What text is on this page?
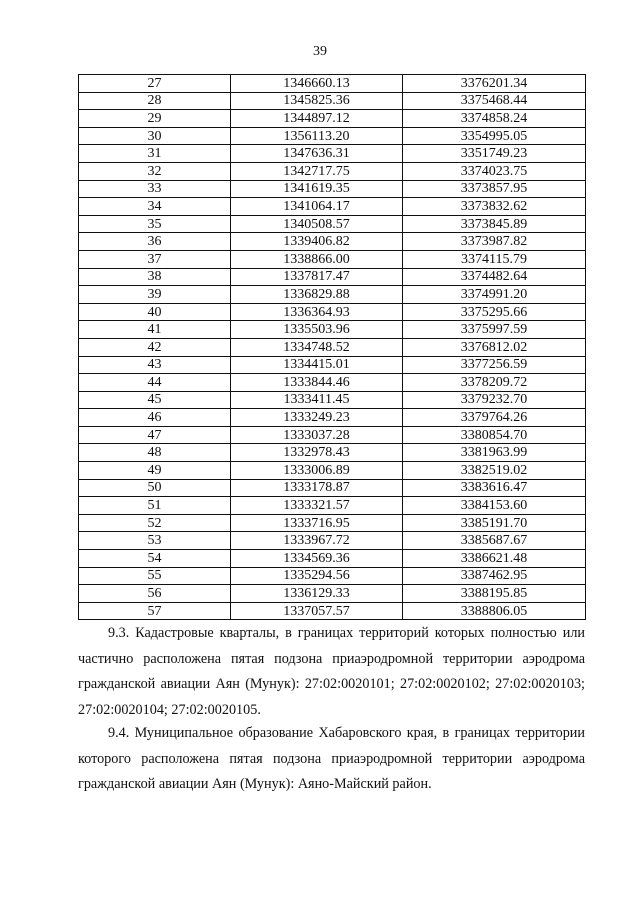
39
27	1346660.13	3376201.34
28	1345825.36	3375468.44
29	1344897.12	3374858.24
30	1356113.20	3354995.05
31	1347636.31	3351749.23
32	1342717.75	3374023.75
33	1341619.35	3373857.95
34	1341064.17	3373832.62
35	1340508.57	3373845.89
36	1339406.82	3373987.82
37	1338866.00	3374115.79
38	1337817.47	3374482.64
39	1336829.88	3374991.20
40	1336364.93	3375295.66
41	1335503.96	3375997.59
42	1334748.52	3376812.02
43	1334415.01	3377256.59
44	1333844.46	3378209.72
45	1333411.45	3379232.70
46	1333249.23	3379764.26
47	1333037.28	3380854.70
48	1332978.43	3381963.99
49	1333006.89	3382519.02
50	1333178.87	3383616.47
51	1333321.57	3384153.60
52	1333716.95	3385191.70
53	1333967.72	3385687.67
54	1334569.36	3386621.48
55	1335294.56	3387462.95
56	1336129.33	3388195.85
57	1337057.57	3388806.05
9.3. Кадастровые кварталы, в границах территорий которых полностью или частично расположена пятая подзона приаэродромной территории аэродрома гражданской авиации Аян (Мунук): 27:02:0020101; 27:02:0020102; 27:02:0020103; 27:02:0020104; 27:02:0020105.
9.4. Муниципальное образование Хабаровского края, в границах территории которого расположена пятая подзона приаэродромной территории аэродрома гражданской авиации Аян (Мунук): Аяно-Майский район.
